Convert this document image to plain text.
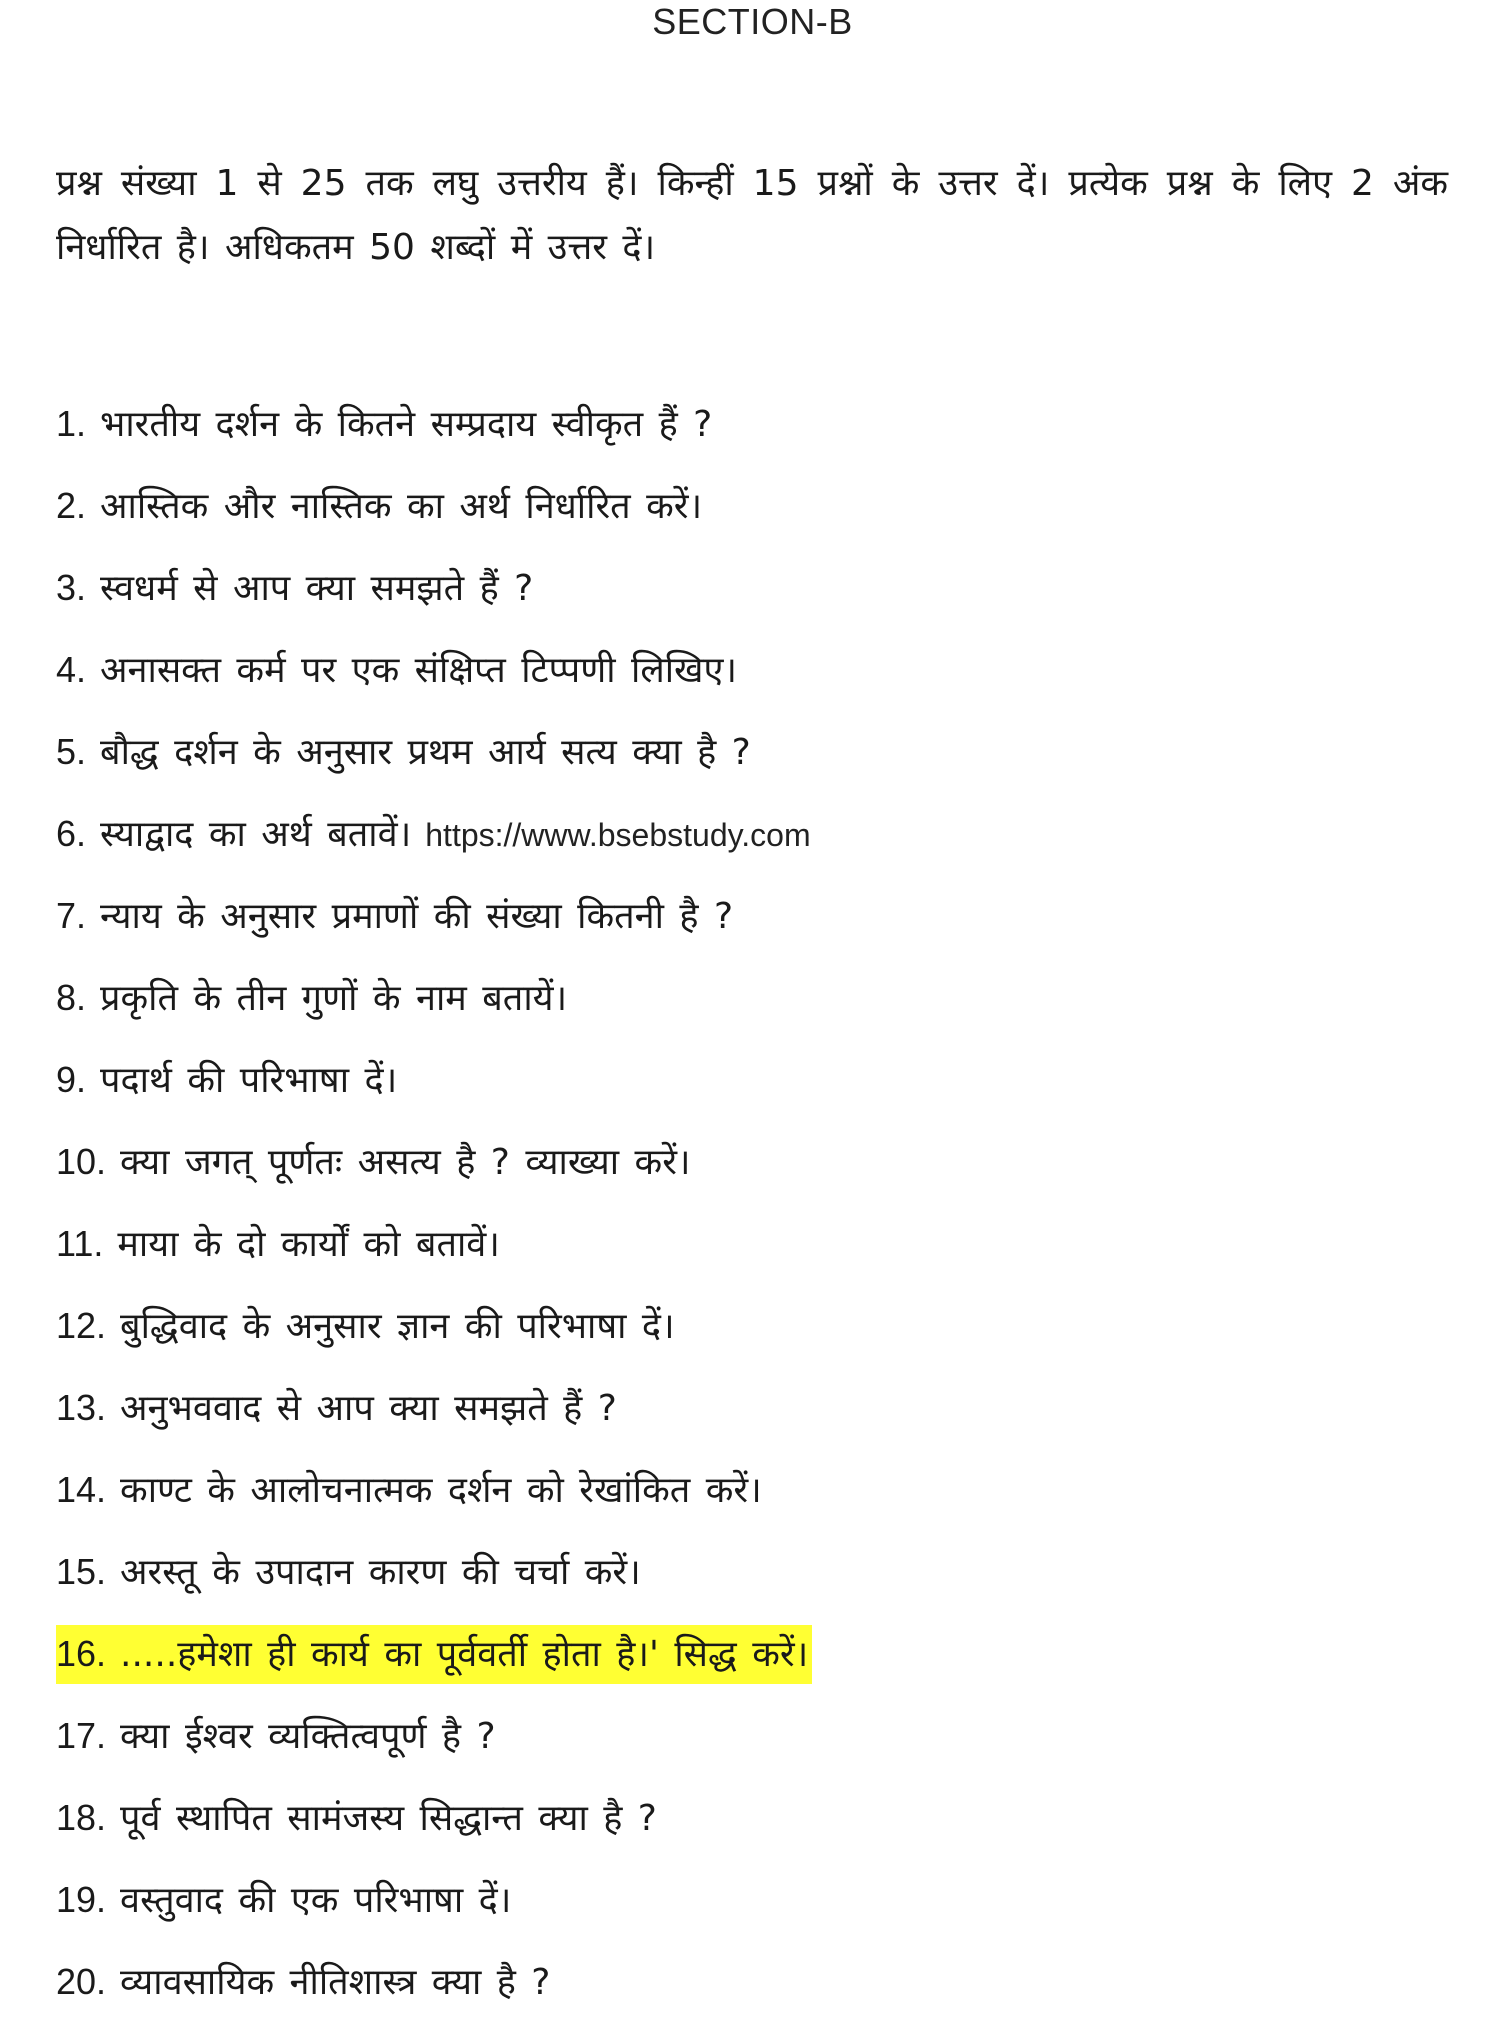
SECTION-B
प्रश्न संख्या 1 से 25 तक लघु उत्तरीय हैं। किन्हीं 15 प्रश्नों के उत्तर दें। प्रत्येक प्रश्न के लिए 2 अंक निर्धारित है। अधिकतम 50 शब्दों में उत्तर दें।
1. भारतीय दर्शन के कितने सम्प्रदाय स्वीकृत हैं ?
2. आस्तिक और नास्तिक का अर्थ निर्धारित करें।
3. स्वधर्म से आप क्या समझते हैं ?
4. अनासक्त कर्म पर एक संक्षिप्त टिप्पणी लिखिए।
5. बौद्ध दर्शन के अनुसार प्रथम आर्य सत्य क्या है ?
6. स्याद्वाद का अर्थ बतावें। https://www.bsebstudy.com
7. न्याय के अनुसार प्रमाणों की संख्या कितनी है ?
8. प्रकृति के तीन गुणों के नाम बतायें।
9. पदार्थ की परिभाषा दें।
10. क्या जगत् पूर्णतः असत्य है ? व्याख्या करें।
11. माया के दो कार्यों को बतावें।
12. बुद्धिवाद के अनुसार ज्ञान की परिभाषा दें।
13. अनुभववाद से आप क्या समझते हैं ?
14. काण्ट के आलोचनात्मक दर्शन को रेखांकित करें।
15. अरस्तू के उपादान कारण की चर्चा करें।
16. .....हमेशा ही कार्य का पूर्ववर्ती होता है।' सिद्ध करें।
17. क्या ईश्वर व्यक्तित्वपूर्ण है ?
18. पूर्व स्थापित सामंजस्य सिद्धान्त क्या है ?
19. वस्तुवाद की एक परिभाषा दें।
20. व्यावसायिक नीतिशास्त्र क्या है ?
